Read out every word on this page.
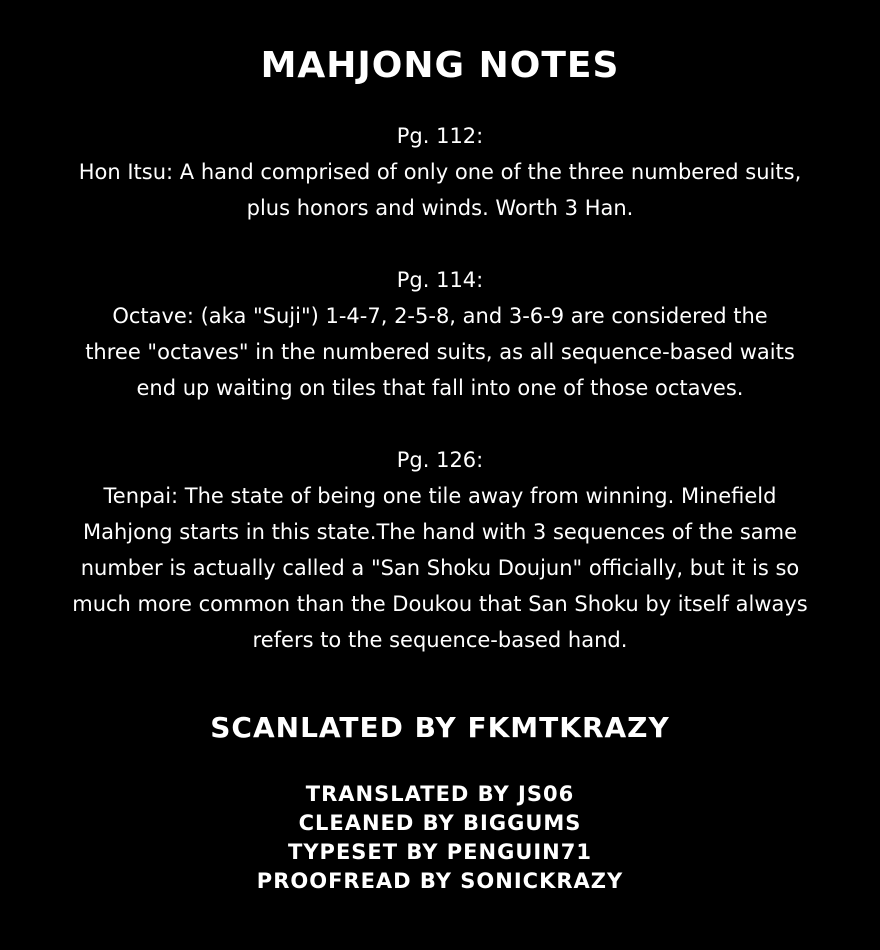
MAHJONG NOTES
Pg. 112:
Hon Itsu: A hand comprised of only one of the three numbered suits,
plus honors and winds. Worth 3 Han.
Pg. 114:
Octave: (aka "Suji") 1-4-7, 2-5-8, and 3-6-9 are considered the
three "octaves" in the numbered suits, as all sequence-based waits
end up waiting on tiles that fall into one of those octaves.
Pg. 126:
Tenpai: The state of being one tile away from winning. Minefield
Mahjong starts in this state.The hand with 3 sequences of the same
number is actually called a "San Shoku Doujun" officially, but it is so
much more common than the Doukou that San Shoku by itself always
refers to the sequence-based hand.
SCANLATED BY FKMTKRAZY
TRANSLATED BY JS06
CLEANED BY BIGGUMS
TYPESET BY PENGUIN71
PROOFREAD BY SONICKRAZY
